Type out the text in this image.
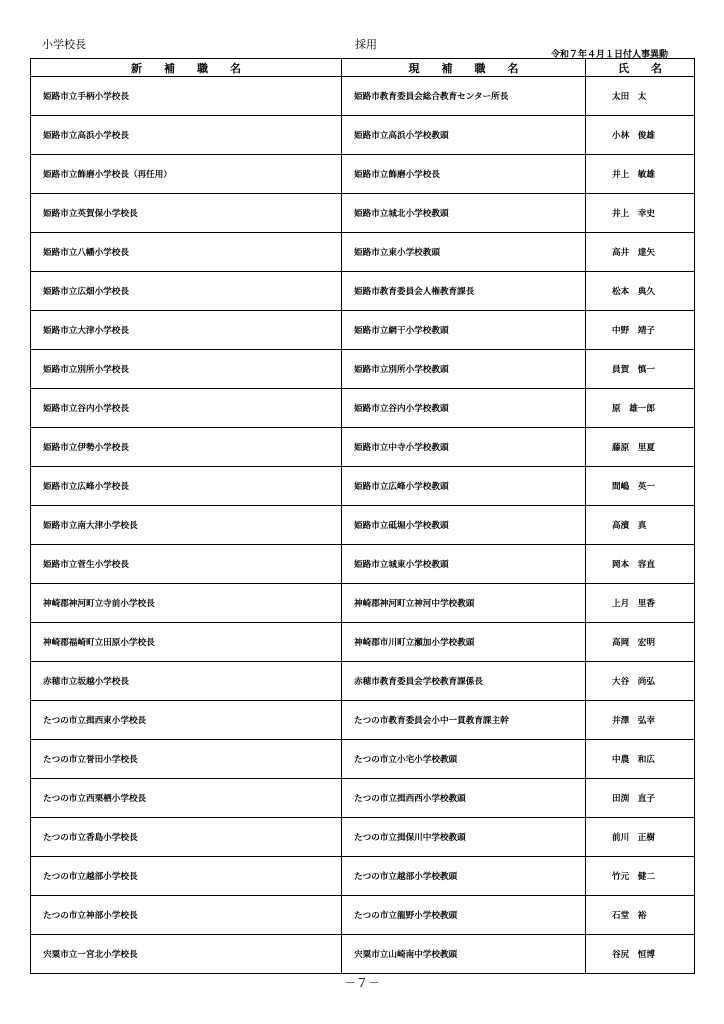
小学校長	採用
令和７年４月１日付人事異動
新　　補　　職　　名	現　　補　　職　　名	氏　　名
姫路市立手柄小学校長	姫路市教育委員会総合教育センター所長	太田　太
姫路市立高浜小学校長	姫路市立高浜小学校教頭	小林　俊雄
姫路市立飾磨小学校長（再任用）	姫路市立飾磨小学校長	井上　敏雄
姫路市立英賀保小学校長	姫路市立城北小学校教頭	井上　幸史
姫路市立八幡小学校長	姫路市立東小学校教頭	高井　達矢
姫路市立広畑小学校長	姫路市教育委員会人権教育課長	松本　典久
姫路市立大津小学校長	姫路市立網干小学校教頭	中野　靖子
姫路市立別所小学校長	姫路市立別所小学校教頭	員賀　慎一
姫路市立谷内小学校長	姫路市立谷内小学校教頭	原　雄一郎
姫路市立伊勢小学校長	姫路市立中寺小学校教頭	藤原　里夏
姫路市立広峰小学校長	姫路市立広峰小学校教頭	間嶋　英一
姫路市立南大津小学校長	姫路市立砥堀小学校教頭	高濱　真
姫路市立菅生小学校長	姫路市立城東小学校教頭	岡本　容直
神崎郡神河町立寺前小学校長	神崎郡神河町立神河中学校教頭	上月　里香
神崎郡福崎町立田原小学校長	神崎郡市川町立瀬加小学校教頭	高岡　宏明
赤穂市立坂越小学校長	赤穂市教育委員会学校教育課係長	大谷　尚弘
たつの市立揖西東小学校長	たつの市教育委員会小中一貫教育課主幹	井澤　弘幸
たつの市立誉田小学校長	たつの市立小宅小学校教頭	中農　和広
たつの市立西栗栖小学校長	たつの市立揖西西小学校教頭	田渕　直子
たつの市立香島小学校長	たつの市立揖保川中学校教頭	前川　正樹
たつの市立越部小学校長	たつの市立越部小学校教頭	竹元　健二
たつの市立神部小学校長	たつの市立龍野小学校教頭	石堂　裕
宍粟市立一宮北小学校長	宍粟市立山崎南中学校教頭	谷尻　恒博
－７－
